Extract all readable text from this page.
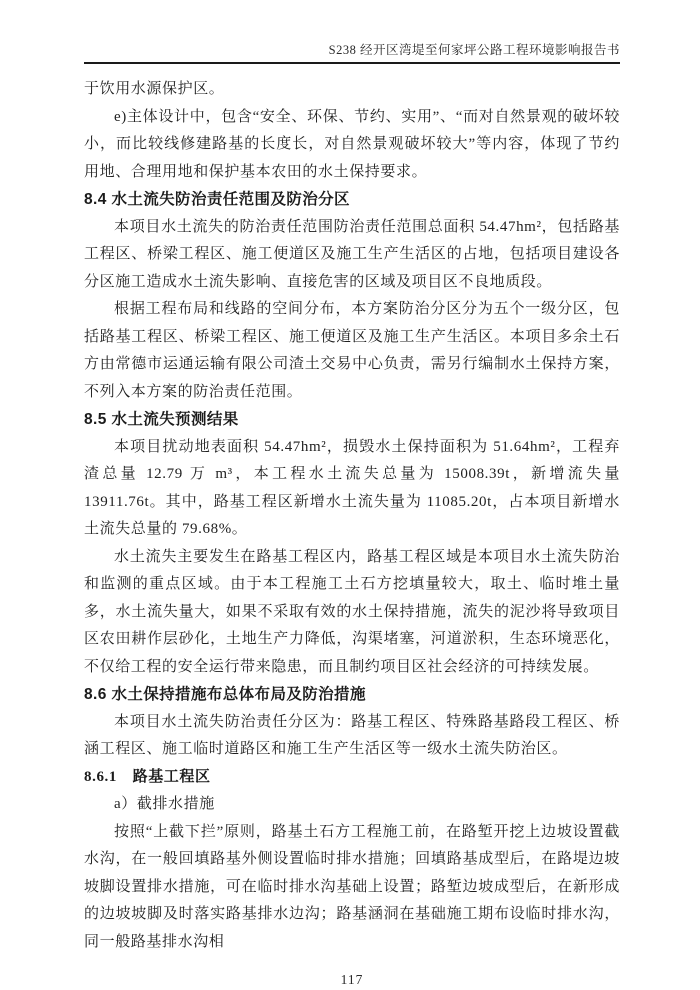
S238 经开区湾堤至何家坪公路工程环境影响报告书

于饮用水源保护区。

e)主体设计中，包含“安全、环保、节约、实用”、“而对自然景观的破坏较小，而比较线修建路基的长度长，对自然景观破坏较大”等内容，体现了节约用地、合理用地和保护基本农田的水土保持要求。

8.4 水土流失防治责任范围及防治分区

本项目水土流失的防治责任范围防治责任范围总面积 54.47hm²，包括路基工程区、桥梁工程区、施工便道区及施工生产生活区的占地，包括项目建设各分区施工造成水土流失影响、直接危害的区域及项目区不良地质段。

根据工程布局和线路的空间分布，本方案防治分区分为五个一级分区，包括路基工程区、桥梁工程区、施工便道区及施工生产生活区。本项目多余土石方由常德市运通运输有限公司渣土交易中心负责，需另行编制水土保持方案，不列入本方案的防治责任范围。

8.5 水土流失预测结果

本项目扰动地表面积 54.47hm²，损毁水土保持面积为 51.64hm²，工程弃渣总量 12.79 万 m³，本工程水土流失总量为 15008.39t，新增流失量 13911.76t。其中，路基工程区新增水土流失量为 11085.20t，占本项目新增水土流失总量的 79.68%。

水土流失主要发生在路基工程区内，路基工程区域是本项目水土流失防治和监测的重点区域。由于本工程施工土石方挖填量较大，取土、临时堆土量多，水土流失量大，如果不采取有效的水土保持措施，流失的泥沙将导致项目区农田耕作层砂化，土地生产力降低，沟渠堵塞，河道淤积，生态环境恶化，不仅给工程的安全运行带来隐患，而且制约项目区社会经济的可持续发展。

8.6 水土保持措施布总体布局及防治措施

本项目水土流失防治责任分区为：路基工程区、特殊路基路段工程区、桥涵工程区、施工临时道路区和施工生产生活区等一级水土流失防治区。

8.6.1　路基工程区

a）截排水措施

按照“上截下拦”原则，路基土石方工程施工前，在路堑开挖上边坡设置截水沟，在一般回填路基外侧设置临时排水措施；回填路基成型后，在路堤边坡坡脚设置排水措施，可在临时排水沟基础上设置；路堑边坡成型后，在新形成的边坡坡脚及时落实路基排水边沟；路基涵洞在基础施工期布设临时排水沟，同一般路基排水沟相

117
